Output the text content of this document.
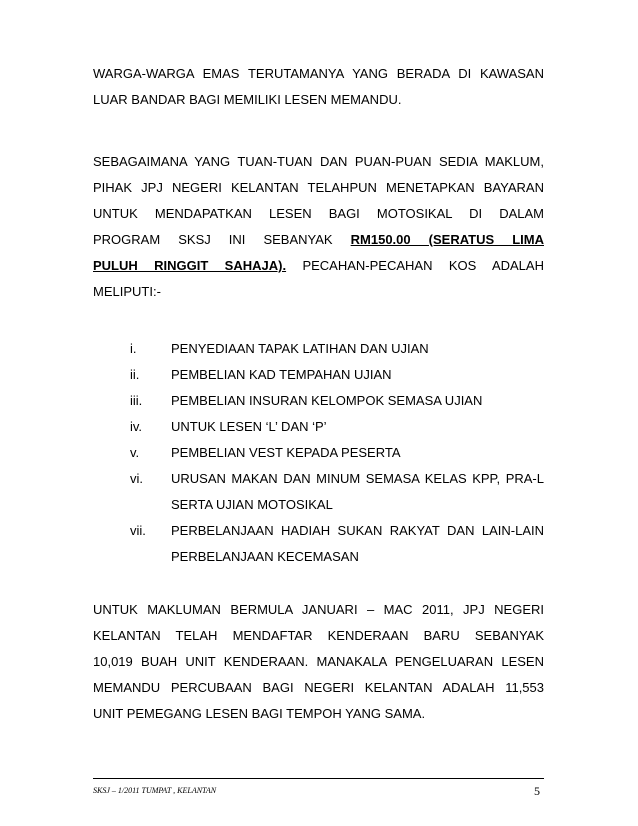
WARGA-WARGA EMAS TERUTAMANYA YANG BERADA DI KAWASAN
LUAR BANDAR BAGI MEMILIKI LESEN MEMANDU.
SEBAGAIMANA YANG TUAN-TUAN DAN PUAN-PUAN SEDIA MAKLUM,
PIHAK JPJ NEGERI KELANTAN TELAHPUN MENETAPKAN BAYARAN
UNTUK MENDAPATKAN LESEN BAGI MOTOSIKAL DI DALAM
PROGRAM SKSJ INI SEBANYAK RM150.00 (SERATUS LIMA
PULUH RINGGIT SAHAJA). PECAHAN-PECAHAN KOS ADALAH
MELIPUTI:-
i.	PENYEDIAAN TAPAK LATIHAN DAN UJIAN
ii. PEMBELIAN KAD TEMPAHAN UJIAN
iii. PEMBELIAN INSURAN KELOMPOK SEMASA UJIAN
iv. UNTUK LESEN ‘L’ DAN ‘P’
v. PEMBELIAN VEST KEPADA PESERTA
vi. URUSAN MAKAN DAN MINUM SEMASA KELAS KPP, PRA-L
SERTA UJIAN MOTOSIKAL
vii. PERBELANJAAN HADIAH SUKAN RAKYAT DAN LAIN-LAIN
PERBELANJAAN KECEMASAN
UNTUK MAKLUMAN BERMULA JANUARI – MAC 2011, JPJ NEGERI
KELANTAN TELAH MENDAFTAR KENDERAAN BARU SEBANYAK
10,019 BUAH UNIT KENDERAAN. MANAKALA PENGELUARAN LESEN
MEMANDU PERCUBAAN BAGI NEGERI KELANTAN ADALAH 11,553
UNIT PEMEGANG LESEN BAGI TEMPOH YANG SAMA.
SKSJ – 1/2011 TUMPAT , KELANTAN	5
